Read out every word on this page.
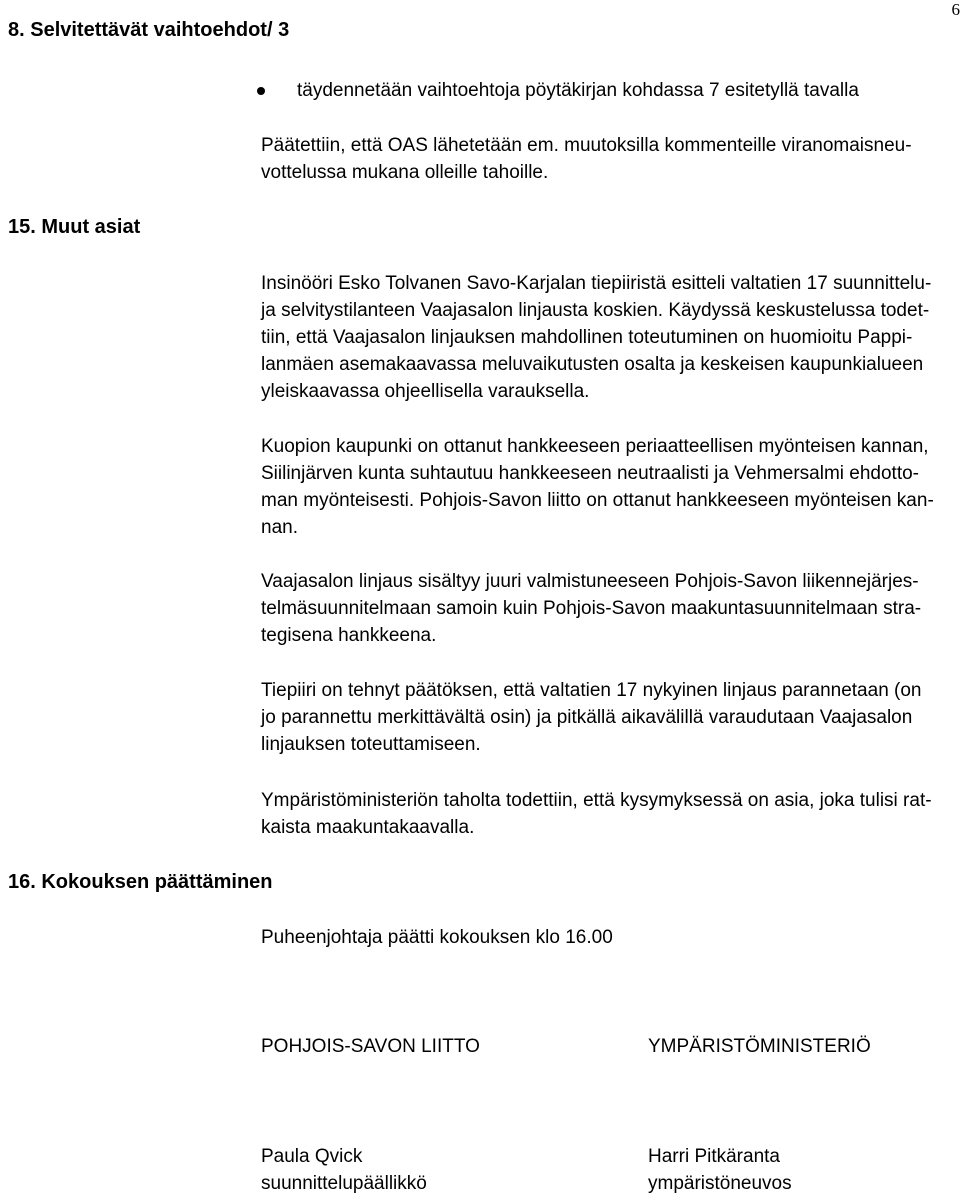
6
8. Selvitettävät vaihtoehdot/ 3
täydennetään vaihtoehtoja pöytäkirjan kohdassa 7 esitetyllä tavalla
Päätettiin, että OAS lähetetään em. muutoksilla kommenteille viranomaisneu-
vottelussa mukana olleille tahoille.
15. Muut asiat
Insinööri Esko Tolvanen Savo-Karjalan tiepiiristä esitteli valtatien 17 suunnittelu-
ja selvitystilanteen Vaajasalon linjausta koskien. Käydyssä keskustelussa todet-
tiin, että Vaajasalon linjauksen mahdollinen toteutuminen on huomioitu Pappi-
lanmäen asemakaavassa meluvaikutusten osalta ja keskeisen kaupunkialueen
yleiskaavassa ohjeellisella varauksella.
Kuopion kaupunki on ottanut hankkeeseen periaatteellisen myönteisen kannan,
Siilinjärven kunta suhtautuu hankkeeseen neutraalisti ja Vehmersalmi ehdotto-
man myönteisesti. Pohjois-Savon liitto on ottanut hankkeeseen myönteisen kan-
nan.
Vaajasalon linjaus sisältyy juuri valmistuneeseen Pohjois-Savon liikennejärjes-
telmäsuunnitelmaan samoin kuin Pohjois-Savon maakuntasuunnitelmaan stra-
tegisena hankkeena.
Tiepiiri on tehnyt päätöksen, että valtatien 17 nykyinen linjaus parannetaan (on
jo parannettu merkittävältä osin) ja pitkällä aikavälillä varaudutaan Vaajasalon
linjauksen toteuttamiseen.
Ympäristöministeriön taholta todettiin, että kysymyksessä on asia, joka tulisi rat-
kaista maakuntakaavalla.
16. Kokouksen päättäminen
Puheenjohtaja päätti kokouksen klo 16.00
POHJOIS-SAVON LIITTO	YMPÄRISTÖMINISTERIÖ
Paula Qvick
suunnittelupäällikkö
Harri Pitkäranta
ympäristöneuvos
